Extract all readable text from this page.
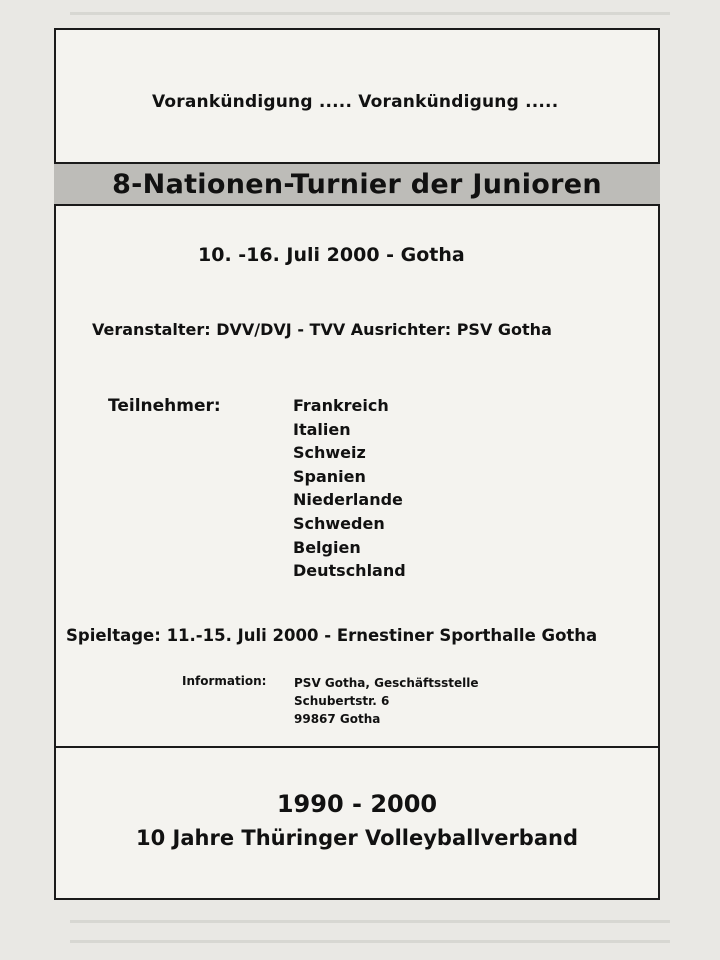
Vorankündigung ..... Vorankündigung .....
8-Nationen-Turnier der Junioren
10. -16. Juli 2000 - Gotha
Veranstalter: DVV/DVJ - TVV Ausrichter: PSV Gotha
Teilnehmer:	Frankreich
Italien
Schweiz
Spanien
Niederlande
Schweden
Belgien
Deutschland
Spieltage: 11.-15. Juli 2000 - Ernestiner Sporthalle Gotha
Information: PSV Gotha, Geschäftsstelle
Schubertstr. 6
99867 Gotha
1990 - 2000
10 Jahre Thüringer Volleyballverband
